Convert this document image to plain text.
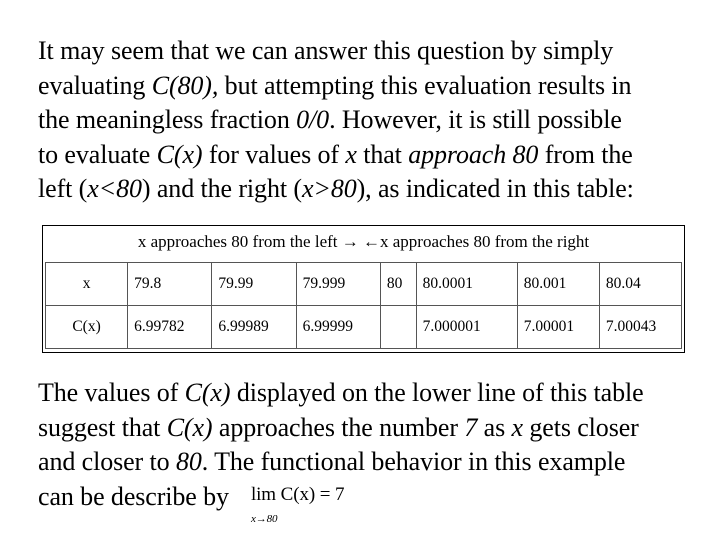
It may seem that we can answer this question by simply
evaluating C(80), but attempting this evaluation results in
the meaningless fraction 0/0. However, it is still possible
to evaluate C(x) for values of x that approach 80 from the
left (x<80) and the right (x>80), as indicated in this table:
x approaches 80 from the left → ←x approaches 80 from the right
x	79.8	79.99	79.999	80	80.0001	80.001	80.04
C(x)	6.99782	6.99989	6.99999		7.000001	7.00001	7.00043
The values of C(x) displayed on the lower line of this table
suggest that C(x) approaches the number 7 as x gets closer
and closer to 80. The functional behavior in this example
can be describe by lim C(x) = 7
x→80
